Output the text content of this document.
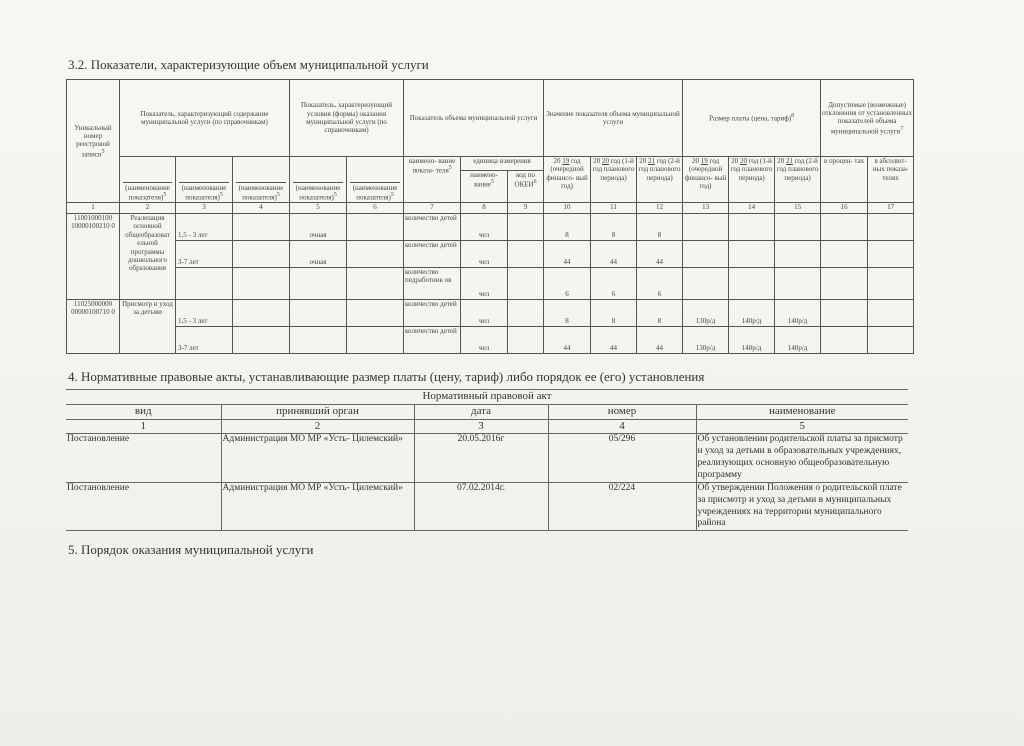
3.2. Показатели, характеризующие объем муниципальной услуги
Уникальный номер реестровой записи$^5$	Показатель, характеризующий содержание муниципальной услуги (по справочникам)			Показатель, характеризующий условия (формы) оказания муниципальной услуги (по справочникам)		Показатель объема муниципальной услуги			Значение показателя объема муниципальной услуги			Размер платы (цена, тариф)$^8$			Допустимые (возможные) отклонения от установленных показателей объема муниципальной услуги$^7$

(наименование показателя)$^5$	(наименование показателя)$^5$	(наименование показателя)$^5$	(наименование показателя)$^5$	(наименование показателя)$^5$	наимено- вание показа- теля$^5$	единица измерения		20 19 год (очередной финансо- вый год)	20 20 год (1-й год планового периода)	20 21 год (2-й год планового периода)	20 19 год (очередной финансо- вый год)	20 20 год (1-й год планового периода)	20 21 год (2-й год планового периода)	в процен- тах	в абсолют- ных показа- телях
							наимено- вание$^5$	код по ОКЕИ$^6$
1	2	3	4	5	6	7	8	9	10	11	12	13	14	15	16	17
11001000100 10000100210 0	Реализация основной общеобразоват ельной программы дошкольного образования	1,5 - 3 лет		очная		количество детей	чел		8	8	8					
		3-7 лет		очная		количество детей	чел		44	44	44					
						количество педработник ов	чел		6	6	6					
11025000000 00000100710 0	Присмотр и уход за детьми	1,5 - 3 лет				количество детей	чел		8	8	8	130р/д	140р/д	140р/д		
		3-7 лет				количество детей	чел		44	44	44	130р/д	140р/д	140р/д		
4. Нормативные правовые акты, устанавливающие размер платы (цену, тариф) либо порядок ее (его) установления
Нормативный правовой акт				
вид	принявший орган	дата	номер	наименование
1	2	3	4	5
Постановление	Администрация МО МР «Усть- Цилемский»	20.05.2016г	05/296	Об установлении родительской платы за присмотр и уход за детьми в образовательных учреждениях, реализующих основную общеобразовательную программу
Постановление	Администрация МО МР «Усть- Цилемский»	07.02.2014г.	02/224	Об утверждении Положения о родительской плате за присмотр и уход за детьми в муниципальных учреждениях на территории муниципального района
5. Порядок оказания муниципальной услуги
